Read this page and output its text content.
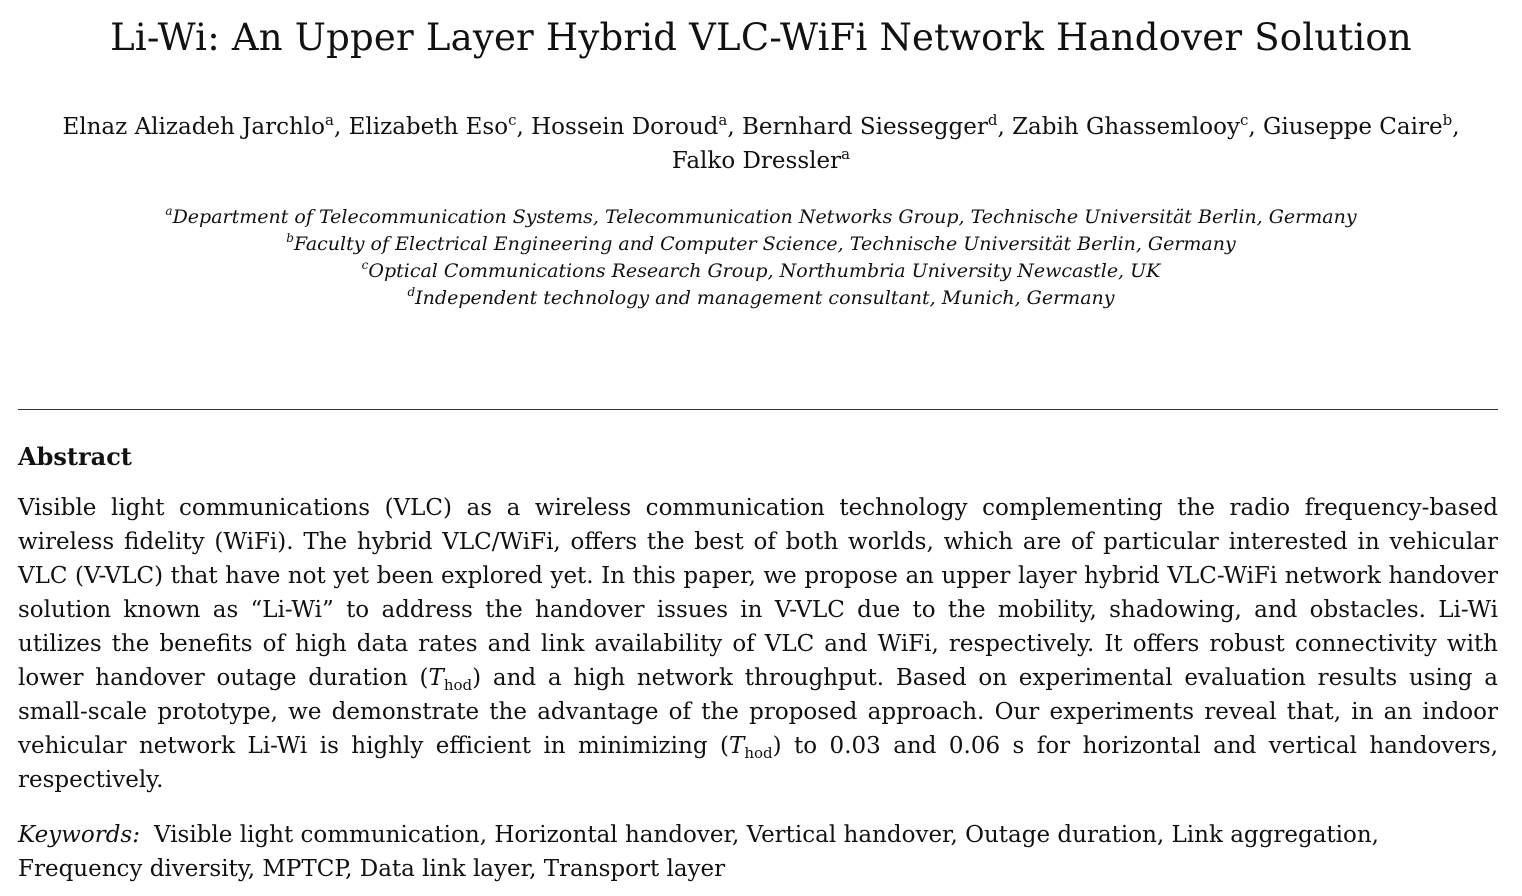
Li-Wi: An Upper Layer Hybrid VLC-WiFi Network Handover Solution
Elnaz Alizadeh Jarchlo$^a$, Elizabeth Eso$^c$, Hossein Doroud$^a$, Bernhard Siessegger$^d$, Zabih Ghassemlooy$^c$, Giuseppe Caire$^b$,
Falko Dressler$^a$
$^a$Department of Telecommunication Systems, Telecommunication Networks Group, Technische Universität Berlin, Germany
$^b$Faculty of Electrical Engineering and Computer Science, Technische Universität Berlin, Germany
$^c$Optical Communications Research Group, Northumbria University Newcastle, UK
$^d$Independent technology and management consultant, Munich, Germany
Abstract
Visible light communications (VLC) as a wireless communication technology complementing the radio frequency-based wireless fidelity (WiFi). The hybrid VLC/WiFi, offers the best of both worlds, which are of particular interested in vehicular VLC (V-VLC) that have not yet been explored yet. In this paper, we propose an upper layer hybrid VLC-WiFi network handover solution known as “Li-Wi” to address the handover issues in V-VLC due to the mobility, shadowing, and obstacles. Li-Wi utilizes the benefits of high data rates and link availability of VLC and WiFi, respectively. It offers robust connectivity with lower handover outage duration $(T_{hod})$ and a high network throughput. Based on experimental evaluation results using a small-scale prototype, we demonstrate the advantage of the proposed approach. Our experiments reveal that, in an indoor vehicular network Li-Wi is highly efficient in minimizing $(T_{hod})$ to 0.03 and 0.06 s for horizontal and vertical handovers, respectively.
Keywords: Visible light communication, Horizontal handover, Vertical handover, Outage duration, Link aggregation, Frequency diversity, MPTCP, Data link layer, Transport layer
